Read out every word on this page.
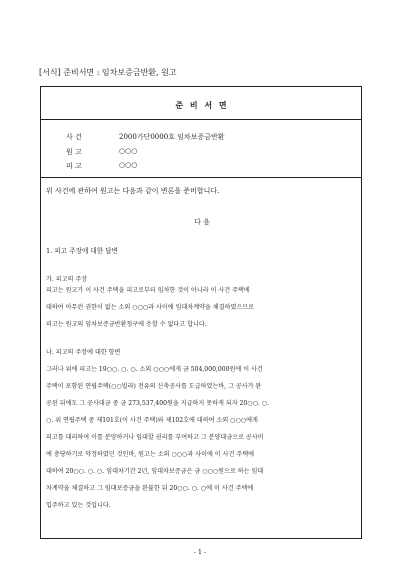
[서식] 준비서면 : 임차보증금반환, 원고
준 비 서 면
사 건	2000가단0000호 임차보증금반환
원 고	○○○
피 고	○○○
위 사건에 관하여 원고는 다음과 같이 변론을 준비합니다.
다 음
1. 피고 주장에 대한 답변
가. 피고의 주장
피고는 원고가 이 사건 주택을 피고로부터 임차한 것이 아니라 이 사건 주택에
대하여 아무런 권한이 없는 소외 ○○○과 사이에 임대차계약을 체결하였으므로
피고는 원고의 임차보증금반환청구에 응할 수 없다고 합니다.
나. 피고의 주장에 대한 항변
그러나 위에 피고는 19○○. ○. ○. 소외 ○○○에게 금 504,000,000원에 이 사건
주택이 포함된 연립주택(○○빌라) 전유의 신축공사를 도급하였는바, 그 공사가 완
공된 뒤에도 그 공사대금 중 금 273,537,400원을 지급하지 못하게 되자 20○○. ○.
○. 위 연립주택 중 제101호(이 사건 주택)와 제102호에 대하여 소외 ○○○에게
피고를 대리하여 이를 분양하거나 임대할 권리를 부여하고 그 분양대금으로 공사비
에 충당하기로 약정하였던 것인바, 원고는 소외 ○○○과 사이에 이 사건 주택에
대하여 20○○. ○. ○. 임대차기간 2년, 임대차보증금은 금 ○○○원으로 하는 임대
차계약을 체결하고 그 임대보증금을 완불한 뒤 20○○. ○. ○에 이 사건 주택에
입주하고 있는 것입니다.
- 1 -
